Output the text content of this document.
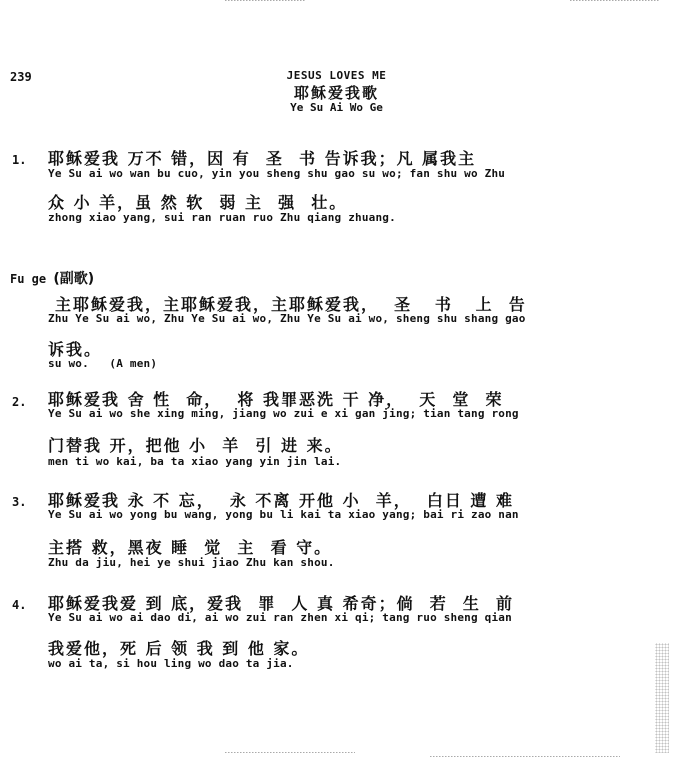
239	JESUS LOVES ME
耶稣爱我歌
Ye Su Ai Wo Ge
1. 耶稣爱我 万不 错，因 有  圣  书 告诉我；凡 属我主
Ye Su ai wo wan bu cuo, yin you sheng shu gao su wo; fan shu wo Zhu
众 小 羊，虽 然 软  弱 主  强  壮。
zhong xiao yang, sui ran ruan ruo Zhu qiang zhuang.
Fu ge (副歌)
主耶稣爱我，主耶稣爱我，主耶稣爱我，  圣   书   上  告
Zhu Ye Su ai wo, Zhu Ye Su ai wo, Zhu Ye Su ai wo, sheng shu shang gao
诉我。
su wo.   (A men)
2. 耶稣爱我 舍 性  命，  将 我罪恶洗 干 净，  天  堂  荣
Ye Su ai wo she xing ming, jiang wo zui e xi gan jing; tian tang rong
门替我 开，把他 小  羊  引 进 来。
men ti wo kai, ba ta xiao yang yin jin lai.
3. 耶稣爱我 永 不 忘，  永 不离 开他 小  羊，  白日 遭 难
Ye Su ai wo yong bu wang, yong bu li kai ta xiao yang; bai ri zao nan
主搭 救，黑夜 睡  觉  主  看 守。
Zhu da jiu, hei ye shui jiao Zhu kan shou.
4. 耶稣爱我爱 到 底，爱我  罪  人 真 希奇；倘  若  生  前
Ye Su ai wo ai dao di, ai wo zui ran zhen xi qi; tang ruo sheng qian
我爱他，死 后 领 我 到 他 家。
wo ai ta, si hou ling wo dao ta jia.
